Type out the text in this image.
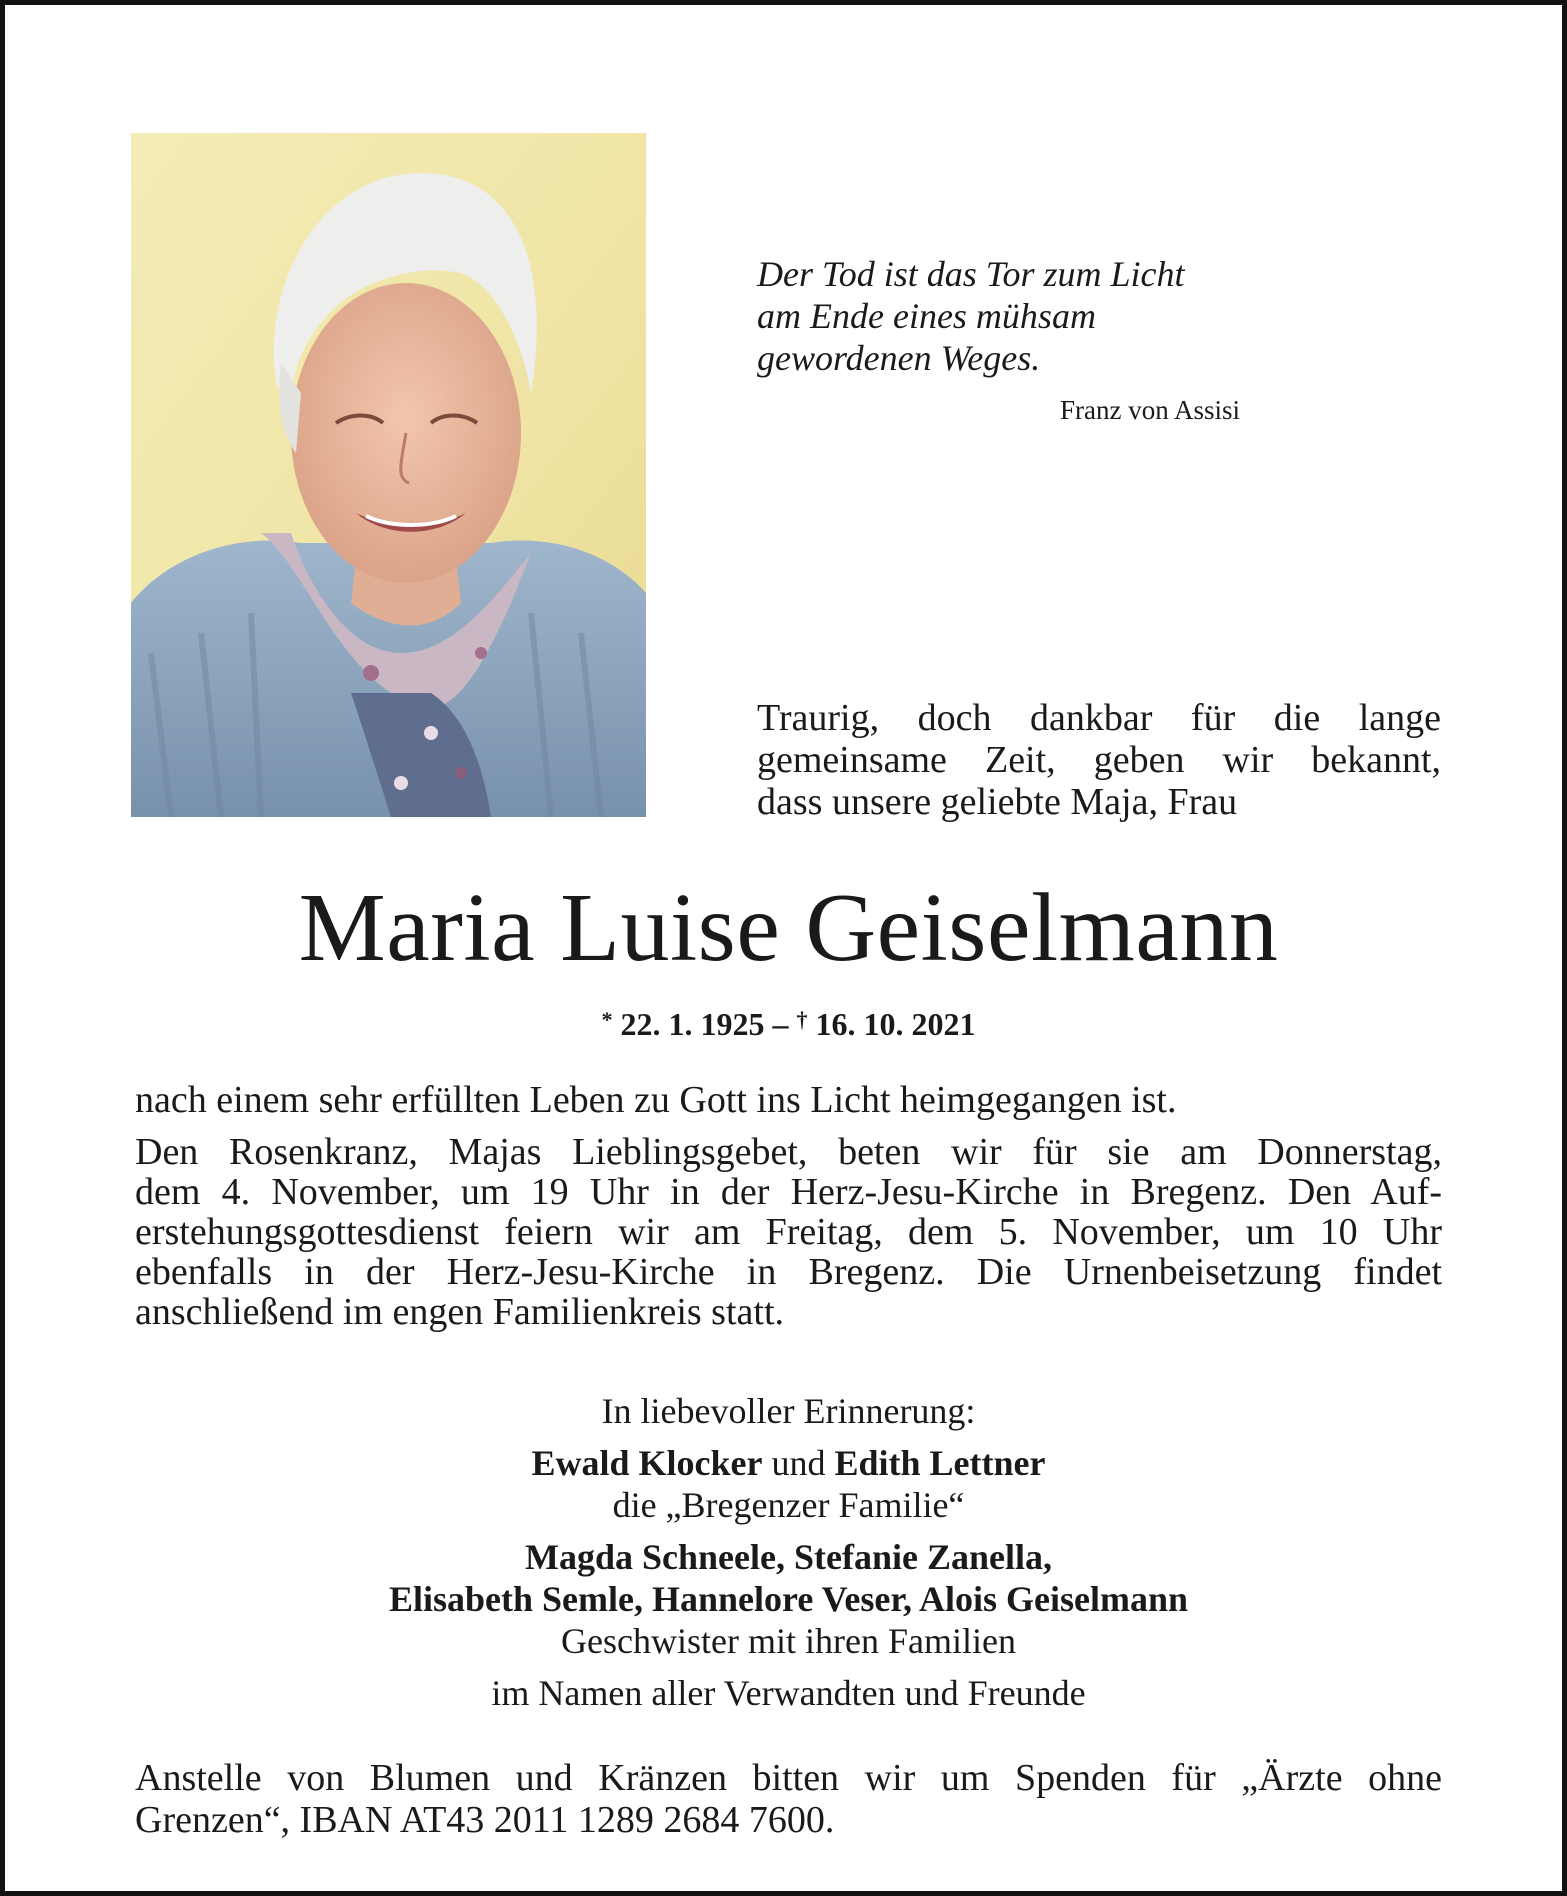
Der Tod ist das Tor zum Licht
am Ende eines mühsam
gewordenen Weges.
Franz von Assisi
Traurig, doch dankbar für die lange
gemeinsame Zeit, geben wir bekannt,
dass unsere geliebte Maja, Frau
Maria Luise Geiselmann
* 22. 1. 1925 – † 16. 10. 2021
nach einem sehr erfüllten Leben zu Gott ins Licht heimgegangen ist.
Den Rosenkranz, Majas Lieblingsgebet, beten wir für sie am Donnerstag,
dem 4. November, um 19 Uhr in der Herz-Jesu-Kirche in Bregenz. Den Auf-
erstehungsgottesdienst feiern wir am Freitag, dem 5. November, um 10 Uhr
ebenfalls in der Herz-Jesu-Kirche in Bregenz. Die Urnenbeisetzung findet
anschließend im engen Familienkreis statt.
In liebevoller Erinnerung:
Ewald Klocker und Edith Lettner
die „Bregenzer Familie“
Magda Schneele, Stefanie Zanella,
Elisabeth Semle, Hannelore Veser, Alois Geiselmann
Geschwister mit ihren Familien
im Namen aller Verwandten und Freunde
Anstelle von Blumen und Kränzen bitten wir um Spenden für „Ärzte ohne
Grenzen“, IBAN AT43 2011 1289 2684 7600.
